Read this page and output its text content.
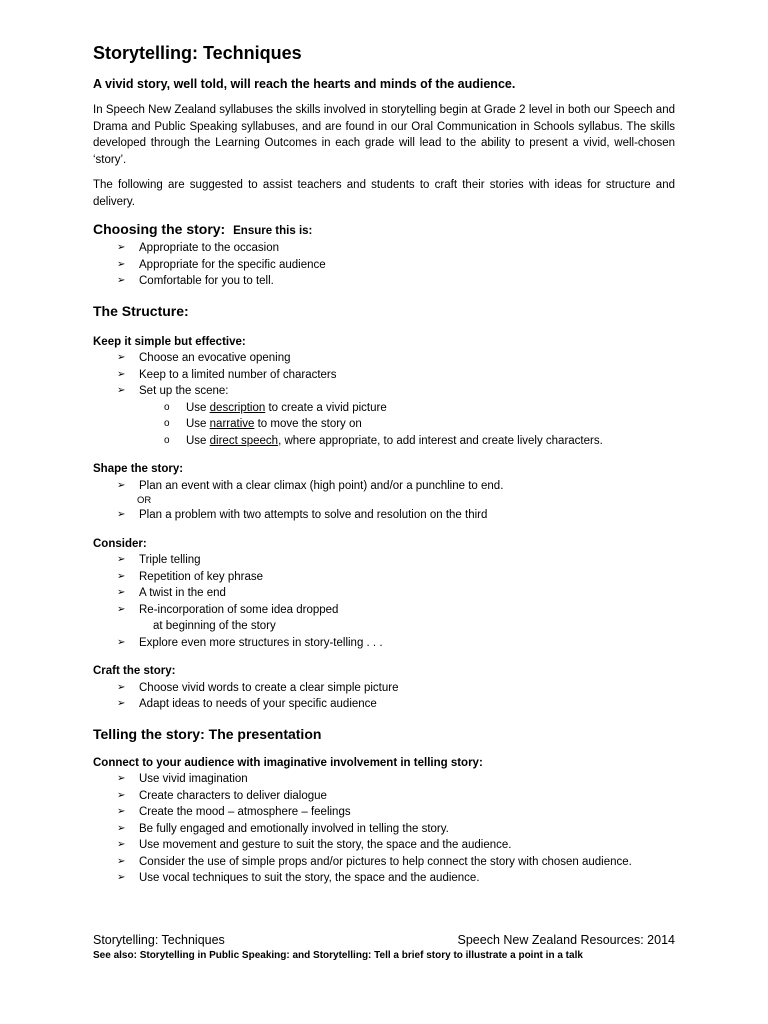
Storytelling: Techniques
A vivid story, well told, will reach the hearts and minds of the audience.
In Speech New Zealand syllabuses the skills involved in storytelling begin at Grade 2 level in both our Speech and Drama and Public Speaking syllabuses, and are found in our Oral Communication in Schools syllabus. The skills developed through the Learning Outcomes in each grade will lead to the ability to present a vivid, well-chosen ‘story’.
The following are suggested to assist teachers and students to craft their stories with ideas for structure and delivery.
Choosing the story: Ensure this is:
➢ Appropriate to the occasion
➢ Appropriate for the specific audience
➢ Comfortable for you to tell.
The Structure:
Keep it simple but effective:
➢ Choose an evocative opening
➢ Keep to a limited number of characters
➢ Set up the scene:
o Use description to create a vivid picture
o Use narrative to move the story on
o Use direct speech, where appropriate, to add interest and create lively characters.
Shape the story:
➢ Plan an event with a clear climax (high point) and/or a punchline to end.
OR
➢ Plan a problem with two attempts to solve and resolution on the third
Consider:
➢ Triple telling
➢ Repetition of key phrase
➢ A twist in the end
➢ Re-incorporation of some idea dropped
at beginning of the story
➢ Explore even more structures in story-telling . . .
Craft the story:
➢ Choose vivid words to create a clear simple picture
➢ Adapt ideas to needs of your specific audience
Telling the story: The presentation
Connect to your audience with imaginative involvement in telling story:
➢ Use vivid imagination
➢ Create characters to deliver dialogue
➢ Create the mood – atmosphere – feelings
➢ Be fully engaged and emotionally involved in telling the story.
➢ Use movement and gesture to suit the story, the space and the audience.
➢ Consider the use of simple props and/or pictures to help connect the story with chosen audience.
➢ Use vocal techniques to suit the story, the space and the audience.
Storytelling: Techniques	Speech New Zealand Resources: 2014
See also: Storytelling in Public Speaking: and Storytelling: Tell a brief story to illustrate a point in a talk
